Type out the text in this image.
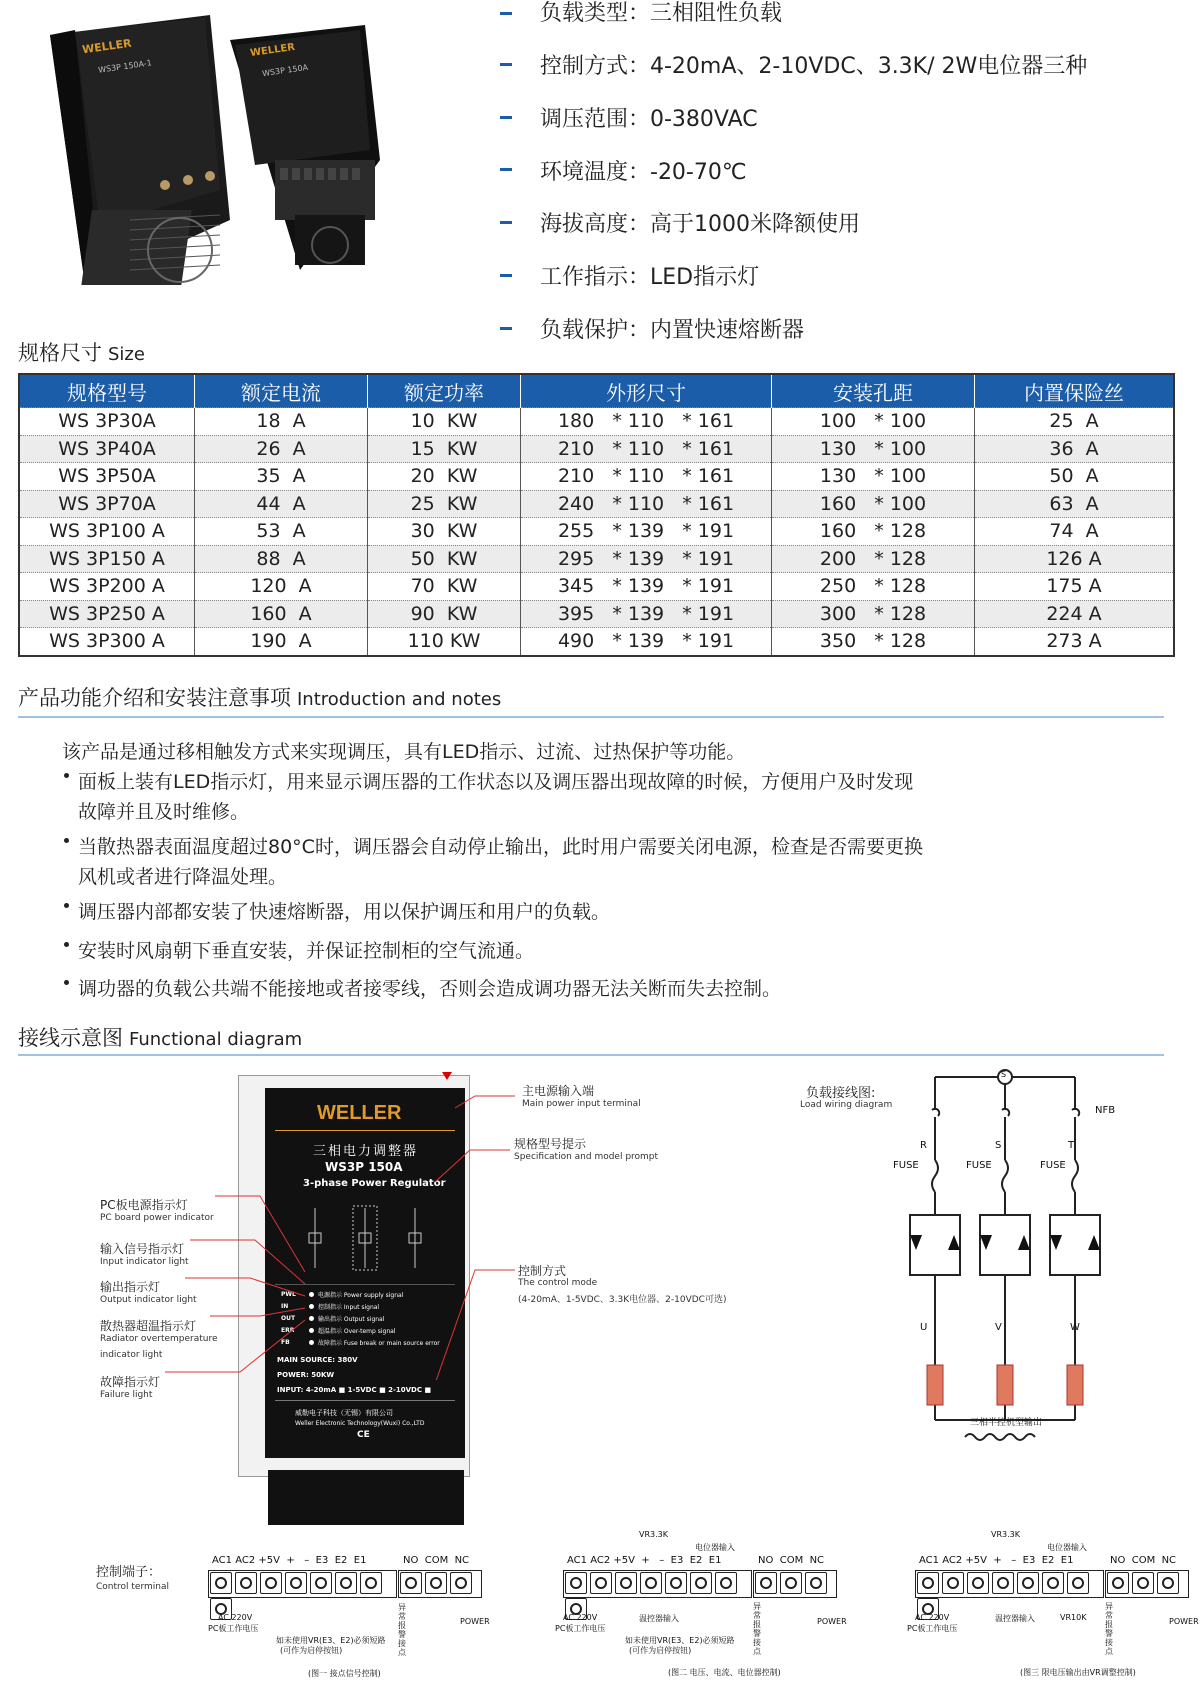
WELLER
WS3P 150A-1
WELLER
WS3P 150A
负载类型：三相阻性负载
控制方式：4-20mA、2-10VDC、3.3K/ 2W电位器三种
调压范围：0-380VAC
环境温度：-20-70℃
海拔高度：高于1000米降额使用
工作指示：LED指示灯
负载保护：内置快速熔断器
规格尺寸 Size
规格型号	额定电流	额定功率	外形尺寸	安装孔距	内置保险丝
WS 3P30A	18  A	10  KW	180   * 110   * 161	100   * 100	25  A
WS 3P40A	26  A	15  KW	210   * 110   * 161	130   * 100	36  A
WS 3P50A	35  A	20  KW	210   * 110   * 161	130   * 100	50  A
WS 3P70A	44  A	25  KW	240   * 110   * 161	160   * 100	63  A
WS 3P100 A	53  A	30  KW	255   * 139   * 191	160   * 128	74  A
WS 3P150 A	88  A	50  KW	295   * 139   * 191	200   * 128	126 A
WS 3P200 A	120  A	70  KW	345   * 139   * 191	250   * 128	175 A
WS 3P250 A	160  A	90  KW	395   * 139   * 191	300   * 128	224 A
WS 3P300 A	190  A	110 KW	490   * 139   * 191	350   * 128	273 A
产品功能介绍和安装注意事项 Introduction and notes
该产品是通过移相触发方式来实现调压，具有LED指示、过流、过热保护等功能。
面板上装有LED指示灯，用来显示调压器的工作状态以及调压器出现故障的时候，方便用户及时发现
故障并且及时维修。
当散热器表面温度超过80°C时，调压器会自动停止输出，此时用户需要关闭电源，检查是否需要更换
风机或者进行降温处理。
调压器内部都安装了快速熔断器，用以保护调压和用户的负载。
安装时风扇朝下垂直安装，并保证控制柜的空气流通。
调功器的负载公共端不能接地或者接零线，否则会造成调功器无法关断而失去控制。
接线示意图 Functional diagram
WELLER
三相电力调整器
WS3P 150A
3-phase Power Regulator
PWL	电源指示 Power supply signal
IN	控制指示 Input signal
OUT	输出指示 Output signal
ERR	超温指示 Over-temp signal
FB	故障指示 Fuse break or main source error
MAIN SOURCE: 380V
POWER: 50KW
INPUT: 4-20mA ■ 1-5VDC ■ 2-10VDC ■
威勒电子科技（无锡）有限公司
Weller Electronic Technology(Wuxi) Co.,LTD
CE
PC板电源指示灯
PC board power indicator
输入信号指示灯
Input indicator light
输出指示灯
Output indicator light
散热器超温指示灯
Radiator overtemperature
indicator light
故障指示灯
Failure light
主电源输入端
Main power input terminal
规格型号提示
Specification and model prompt
控制方式
The control mode
(4-20mA、1-5VDC、3.3K电位器、2-10VDC可选)
负载接线图:
Load wiring diagram
S
NFB
R	S	T
FUSE	FUSE	FUSE
U	V	W
三相半控机型输出
控制端子：
Control terminal
AC1 AC2 +5V + – E3 E2 E1	NO COM NC
AC 220V
PC板工作电压
如未使用VR(E3、E2)必须短路
(可作为启停按钮)
异常报警接点
POWER
(图一 接点信号控制)
VR3.3K
电位器输入
AC1 AC2 +5V + – E3 E2 E1	NO COM NC
AC 220V
PC板工作电压
温控器输入
如未使用VR(E3、E2)必须短路
(可作为启停按钮)
异常报警接点
POWER
(图二 电压、电流、电位器控制)
VR3.3K
电位器输入
AC1 AC2 +5V + – E3 E2 E1	NO COM NC
AC 220V
PC板工作电压
温控器输入	VR10K
异常报警接点
POWER
(图三 限电压输出由VR调整控制)
